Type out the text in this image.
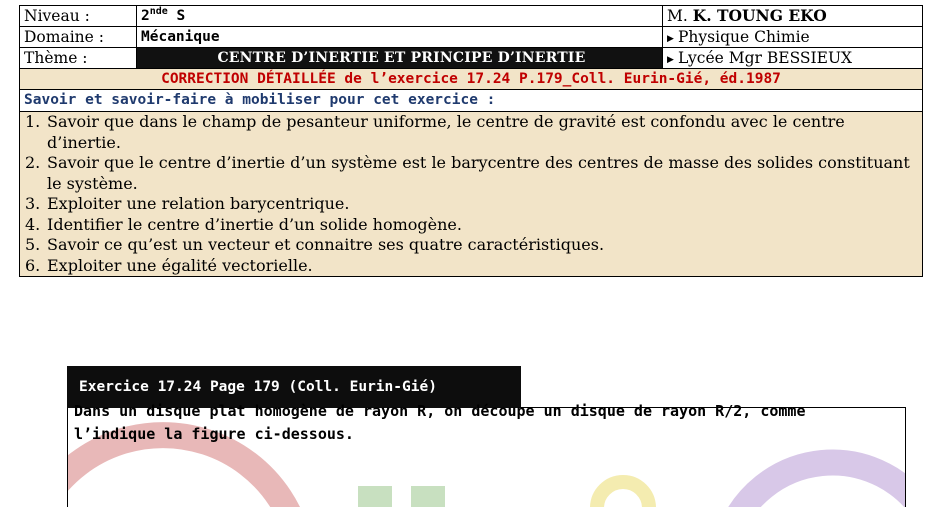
Niveau :	2nde S	M. K. TOUNG EKO
Domaine :	Mécanique	▶ Physique Chimie
Thème :	CENTRE D’INERTIE ET PRINCIPE D’INERTIE	▶ Lycée Mgr BESSIEUX
CORRECTION DÉTAILLÉE de l’exercice 17.24 P.179_Coll. Eurin-Gié, éd.1987
Savoir et savoir-faire à mobiliser pour cet exercice :
1. Savoir que dans le champ de pesanteur uniforme, le centre de gravité est confondu avec le centre d’inertie.
2. Savoir que le centre d’inertie d’un système est le barycentre des centres de masse des solides constituant le système.
3. Exploiter une relation barycentrique.
4. Identifier le centre d’inertie d’un solide homogène.
5. Savoir ce qu’est un vecteur et connaitre ses quatre caractéristiques.
6. Exploiter une égalité vectorielle.
Exercice 17.24 Page 179 (Coll. Eurin-Gié)
Dans un disque plat homogène de rayon R, on découpe un disque de rayon R/2, comme l’indique la figure ci-dessous.
